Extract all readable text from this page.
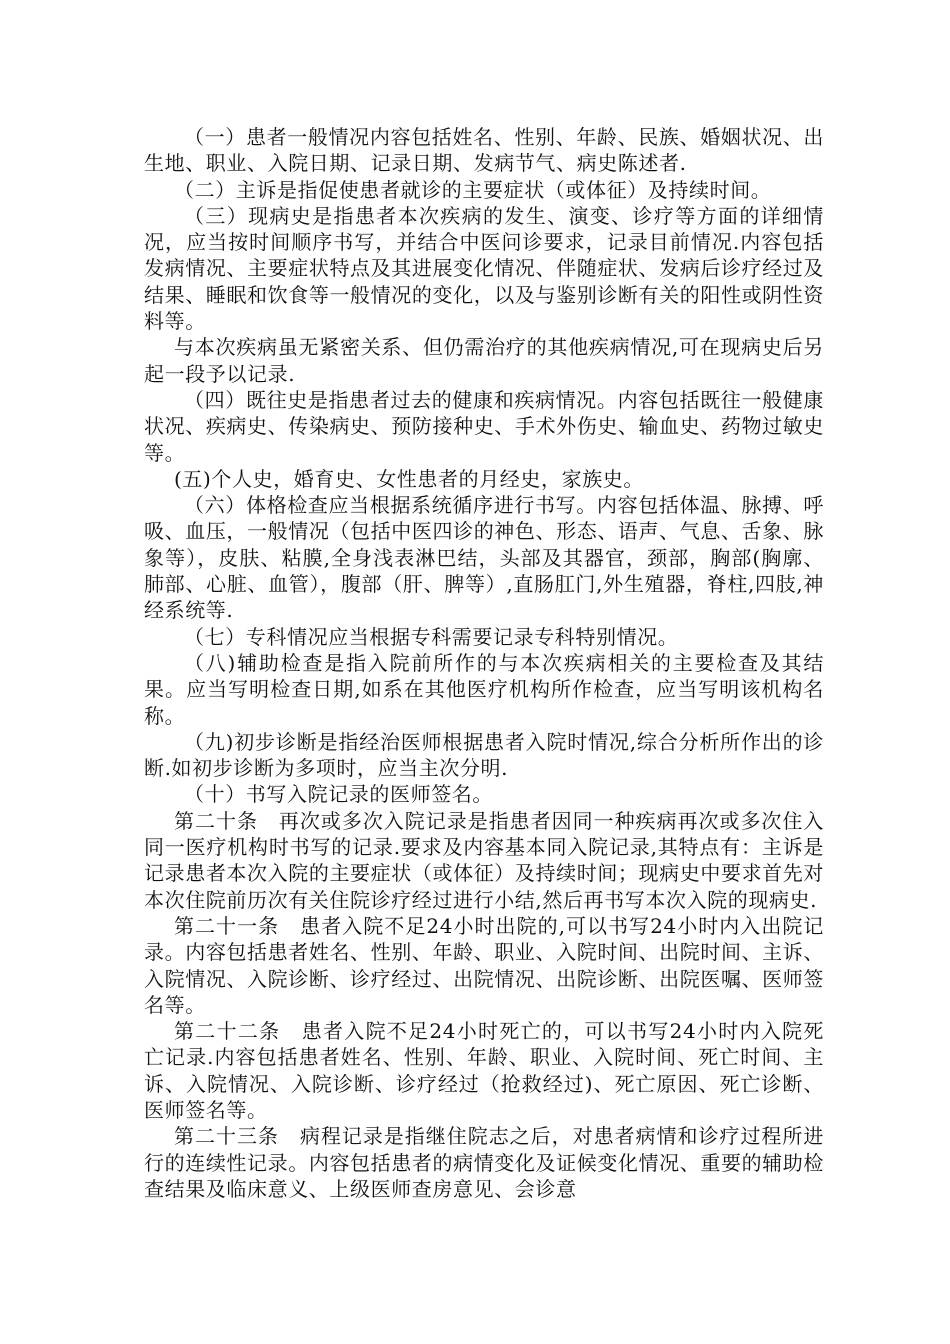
（一）患者一般情况内容包括姓名、性别、年龄、民族、婚姻状况、出生地、职业、入院日期、记录日期、发病节气、病史陈述者.

（二）主诉是指促使患者就诊的主要症状（或体征）及持续时间。

（三）现病史是指患者本次疾病的发生、演变、诊疗等方面的详细情况，应当按时间顺序书写，并结合中医问诊要求，记录目前情况.内容包括发病情况、主要症状特点及其进展变化情况、伴随症状、发病后诊疗经过及结果、睡眠和饮食等一般情况的变化，以及与鉴别诊断有关的阳性或阴性资料等。

与本次疾病虽无紧密关系、但仍需治疗的其他疾病情况,可在现病史后另起一段予以记录.

（四）既往史是指患者过去的健康和疾病情况。内容包括既往一般健康状况、疾病史、传染病史、预防接种史、手术外伤史、输血史、药物过敏史等。

(五)个人史，婚育史、女性患者的月经史，家族史。

（六）体格检查应当根据系统循序进行书写。内容包括体温、脉搏、呼吸、血压，一般情况（包括中医四诊的神色、形态、语声、气息、舌象、脉象等），皮肤、粘膜,全身浅表淋巴结，头部及其器官，颈部，胸部(胸廓、肺部、心脏、血管），腹部（肝、脾等）,直肠肛门,外生殖器，脊柱,四肢,神经系统等.

（七）专科情况应当根据专科需要记录专科特别情况。

（八)辅助检查是指入院前所作的与本次疾病相关的主要检查及其结果。应当写明检查日期,如系在其他医疗机构所作检查，应当写明该机构名称。

（九)初步诊断是指经治医师根据患者入院时情况,综合分析所作出的诊断.如初步诊断为多项时，应当主次分明.

（十）书写入院记录的医师签名。

第二十条　再次或多次入院记录是指患者因同一种疾病再次或多次住入同一医疗机构时书写的记录.要求及内容基本同入院记录,其特点有：主诉是记录患者本次入院的主要症状（或体征）及持续时间；现病史中要求首先对本次住院前历次有关住院诊疗经过进行小结,然后再书写本次入院的现病史.

第二十一条　患者入院不足24小时出院的,可以书写24小时内入出院记录。内容包括患者姓名、性别、年龄、职业、入院时间、出院时间、主诉、入院情况、入院诊断、诊疗经过、出院情况、出院诊断、出院医嘱、医师签名等。

第二十二条　患者入院不足24小时死亡的，可以书写24小时内入院死亡记录.内容包括患者姓名、性别、年龄、职业、入院时间、死亡时间、主诉、入院情况、入院诊断、诊疗经过（抢救经过)、死亡原因、死亡诊断、医师签名等。

第二十三条　病程记录是指继住院志之后，对患者病情和诊疗过程所进行的连续性记录。内容包括患者的病情变化及证候变化情况、重要的辅助检查结果及临床意义、上级医师查房意见、会诊意
